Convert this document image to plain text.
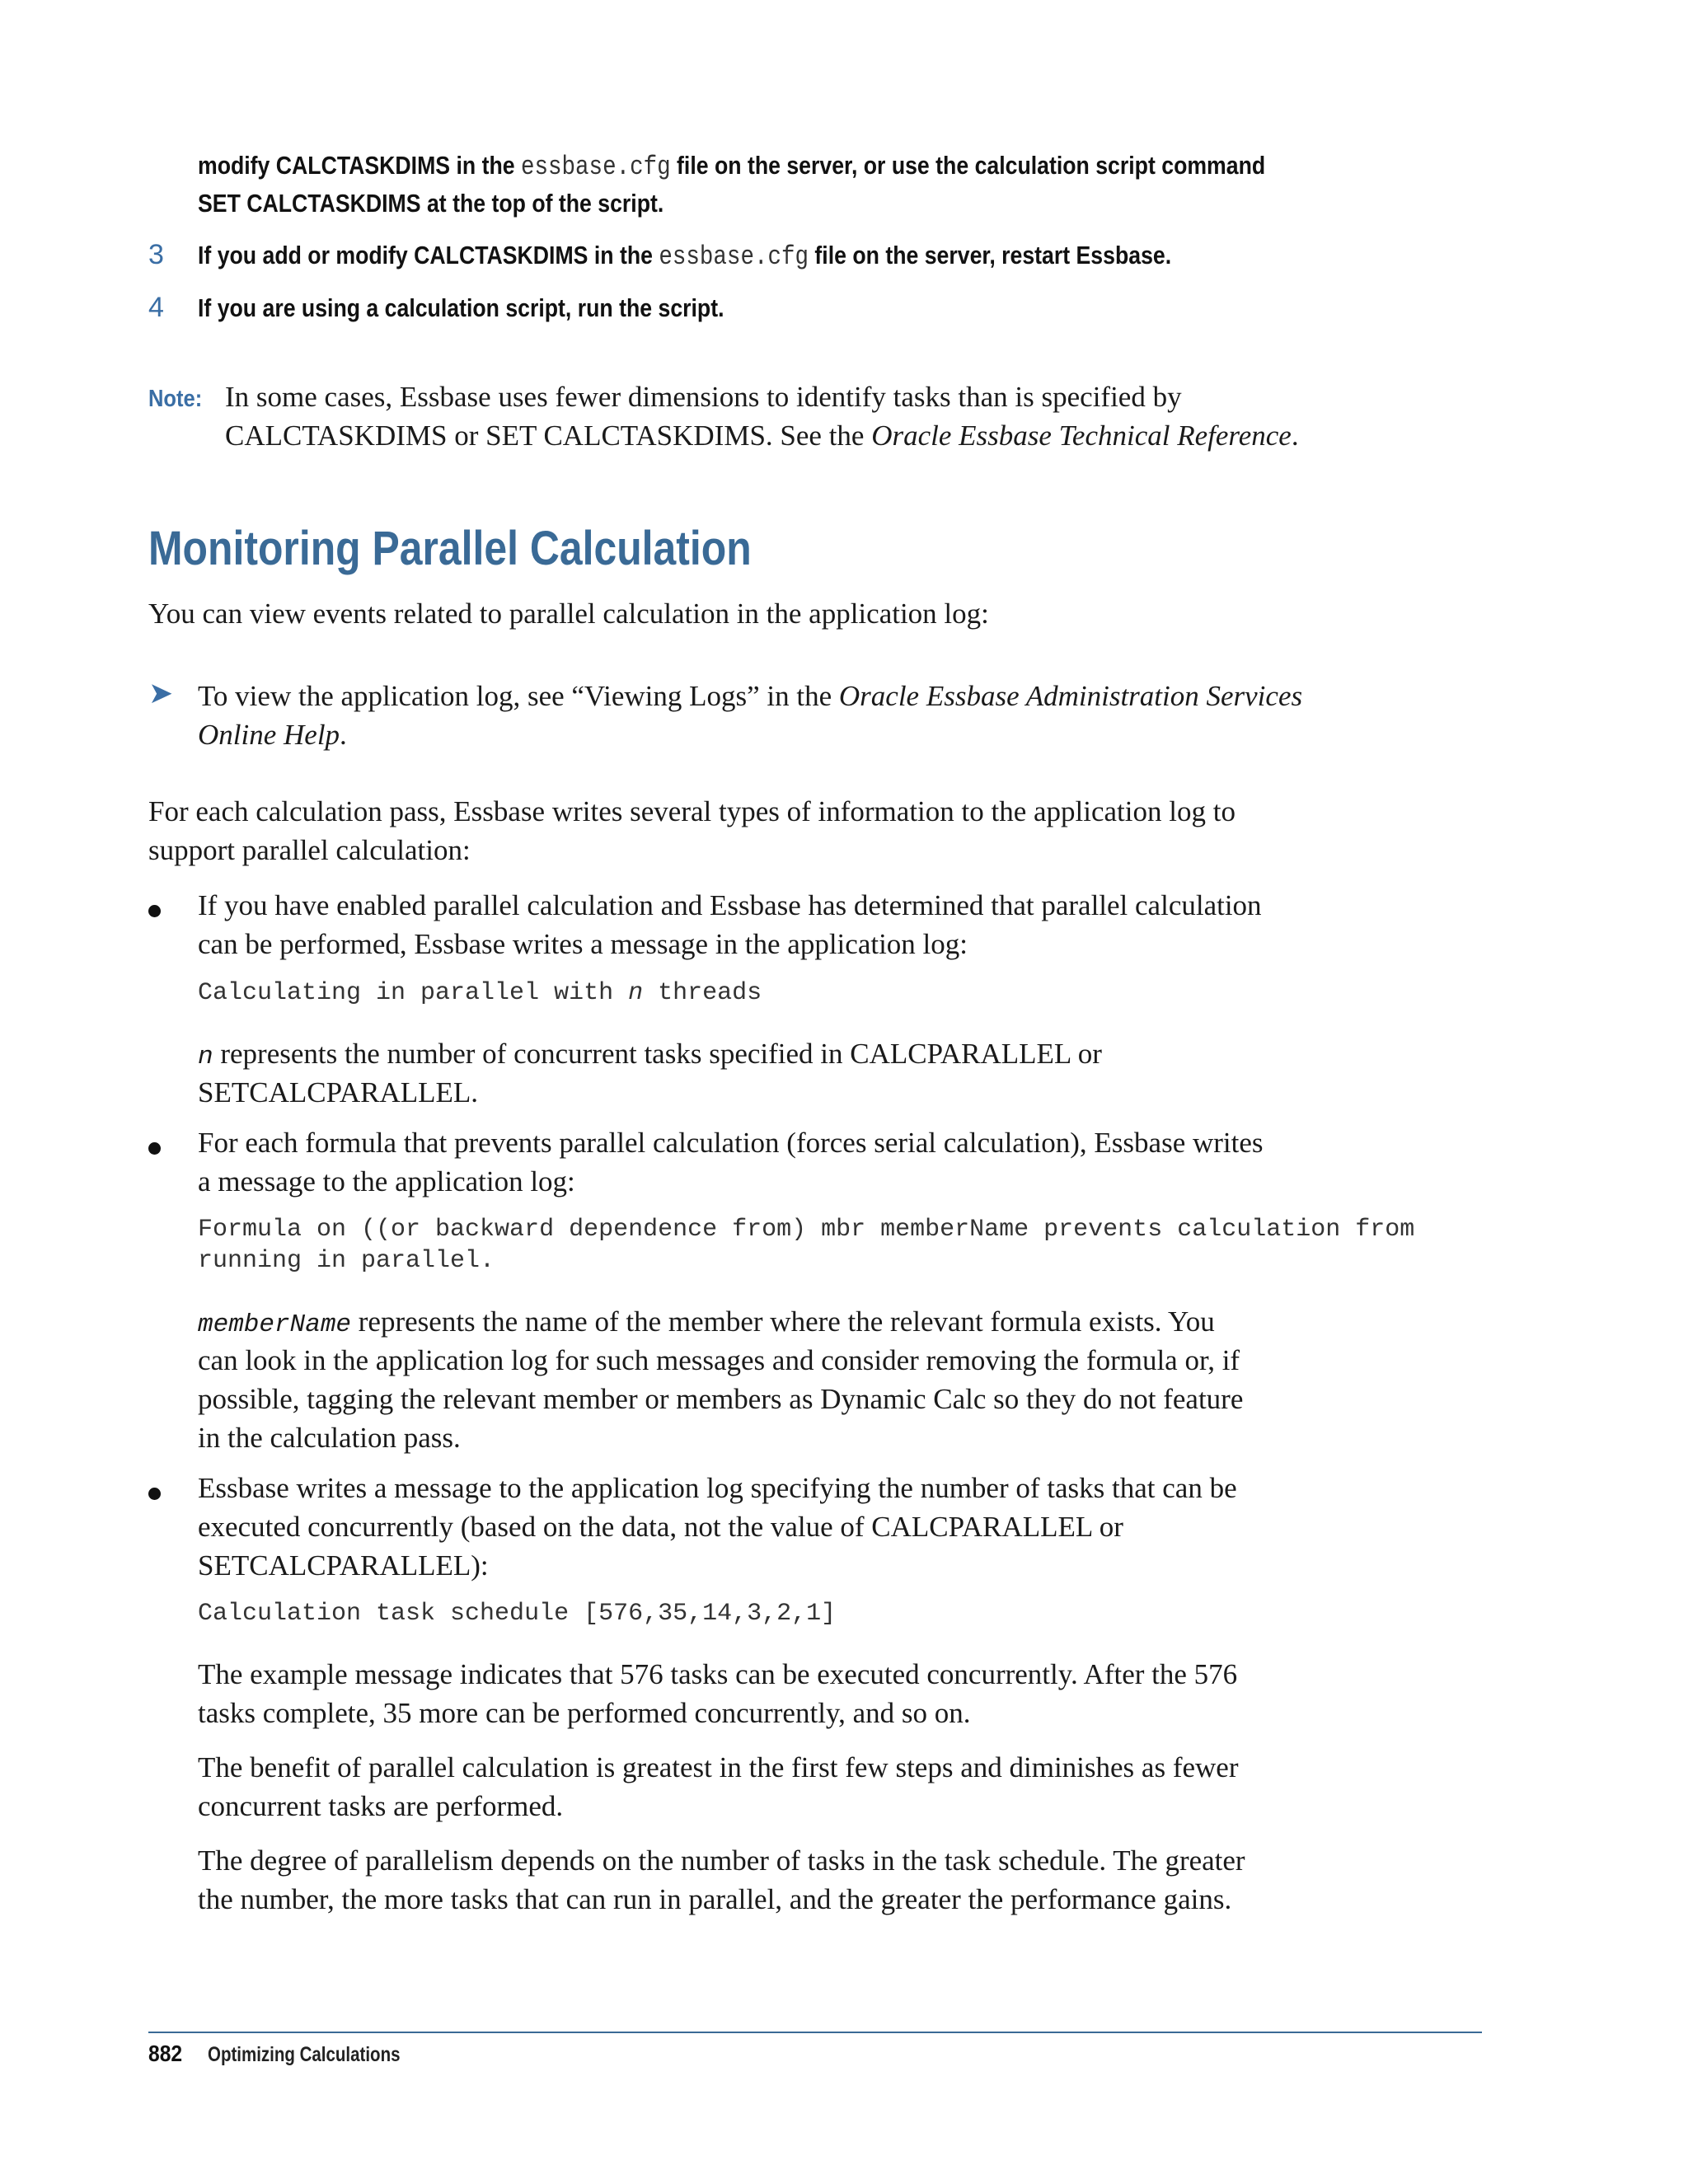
modify CALCTASKDIMS in the essbase.cfg file on the server, or use the calculation script command
SET CALCTASKDIMS at the top of the script.
3 If you add or modify CALCTASKDIMS in the essbase.cfg file on the server, restart Essbase.
4 If you are using a calculation script, run the script.
Note: In some cases, Essbase uses fewer dimensions to identify tasks than is specified by
CALCTASKDIMS or SET CALCTASKDIMS. See the Oracle Essbase Technical Reference.
Monitoring Parallel Calculation
You can view events related to parallel calculation in the application log:
➤ To view the application log, see “Viewing Logs” in the Oracle Essbase Administration Services
Online Help.
For each calculation pass, Essbase writes several types of information to the application log to
support parallel calculation:
If you have enabled parallel calculation and Essbase has determined that parallel calculation
can be performed, Essbase writes a message in the application log:
Calculating in parallel with n threads
n represents the number of concurrent tasks specified in CALCPARALLEL or
SETCALCPARALLEL.
For each formula that prevents parallel calculation (forces serial calculation), Essbase writes
a message to the application log:
Formula on ((or backward dependence from) mbr memberName prevents calculation from
running in parallel.
memberName represents the name of the member where the relevant formula exists. You
can look in the application log for such messages and consider removing the formula or, if
possible, tagging the relevant member or members as Dynamic Calc so they do not feature
in the calculation pass.
Essbase writes a message to the application log specifying the number of tasks that can be
executed concurrently (based on the data, not the value of CALCPARALLEL or
SETCALCPARALLEL):
Calculation task schedule [576,35,14,3,2,1]
The example message indicates that 576 tasks can be executed concurrently. After the 576
tasks complete, 35 more can be performed concurrently, and so on.
The benefit of parallel calculation is greatest in the first few steps and diminishes as fewer
concurrent tasks are performed.
The degree of parallelism depends on the number of tasks in the task schedule. The greater
the number, the more tasks that can run in parallel, and the greater the performance gains.
882 Optimizing Calculations
